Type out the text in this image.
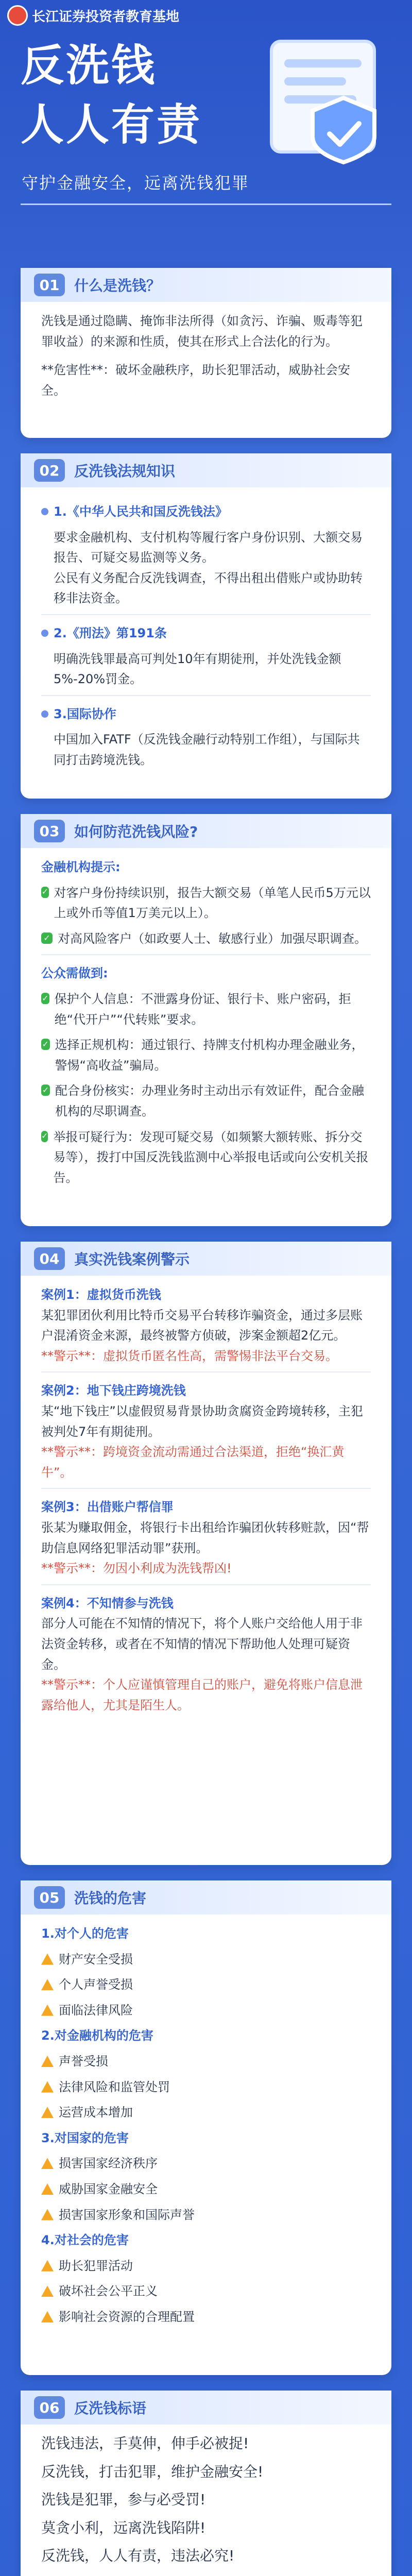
长江证券投资者教育基地
反洗钱
人人有责
守护金融安全，远离洗钱犯罪
01	什么是洗钱？

洗钱是通过隐瞒、掩饰非法所得（如贪污、诈骗、贩毒等犯罪收益）的来源和性质，使其在形式上合法化的行为。

**危害性**：破坏金融秩序，助长犯罪活动，威胁社会安全。

02	反洗钱法规知识
1.《中华人民共和国反洗钱法》
要求金融机构、支付机构等履行客户身份识别、大额交易报告、可疑交易监测等义务。
公民有义务配合反洗钱调查，不得出租出借账户或协助转移非法资金。
2.《刑法》第191条
明确洗钱罪最高可判处10年有期徒刑，并处洗钱金额5%-20%罚金。
3.国际协作
中国加入FATF（反洗钱金融行动特别工作组），与国际共同打击跨境洗钱。
03	如何防范洗钱风险?
金融机构提示:
✓ 对客户身份持续识别，报告大额交易（单笔人民币5万元以上或外币等值1万美元以上）。
✓ 对高风险客户（如政要人士、敏感行业）加强尽职调查。
公众需做到:
✓ 保护个人信息：不泄露身份证、银行卡、账户密码，拒绝“代开户”“代转账”要求。
✓ 选择正规机构：通过银行、持牌支付机构办理金融业务，警惕“高收益”骗局。
✓ 配合身份核实：办理业务时主动出示有效证件，配合金融机构的尽职调查。
✓ 举报可疑行为：发现可疑交易（如频繁大额转账、拆分交易等），拨打中国反洗钱监测中心举报电话或向公安机关报告。
04	真实洗钱案例警示
案例1：虚拟货币洗钱
某犯罪团伙利用比特币交易平台转移诈骗资金，通过多层账户混淆资金来源，最终被警方侦破，涉案金额超2亿元。
**警示**：虚拟货币匿名性高，需警惕非法平台交易。
案例2：地下钱庄跨境洗钱
某“地下钱庄”以虚假贸易背景协助贪腐资金跨境转移，主犯被判处7年有期徒刑。
**警示**：跨境资金流动需通过合法渠道，拒绝“换汇黄牛”。
案例3：出借账户帮信罪
张某为赚取佣金，将银行卡出租给诈骗团伙转移赃款，因“帮助信息网络犯罪活动罪”获刑。
**警示**：勿因小利成为洗钱帮凶!
案例4：不知情参与洗钱
部分人可能在不知情的情况下，将个人账户交给他人用于非法资金转移，或者在不知情的情况下帮助他人处理可疑资金。
**警示**：个人应谨慎管理自己的账户，避免将账户信息泄露给他人，尤其是陌生人。
05	洗钱的危害
1.对个人的危害
财产安全受损
个人声誉受损
面临法律风险
2.对金融机构的危害
声誉受损
法律风险和监管处罚
运营成本增加
3.对国家的危害
损害国家经济秩序
威胁国家金融安全
损害国家形象和国际声誉
4.对社会的危害
助长犯罪活动
破坏社会公平正义
影响社会资源的合理配置
06	反洗钱标语
洗钱违法，手莫伸，伸手必被捉!
反洗钱，打击犯罪，维护金融安全!
洗钱是犯罪，参与必受罚!
莫贪小利，远离洗钱陷阱!
反洗钱，人人有责，违法必究!
